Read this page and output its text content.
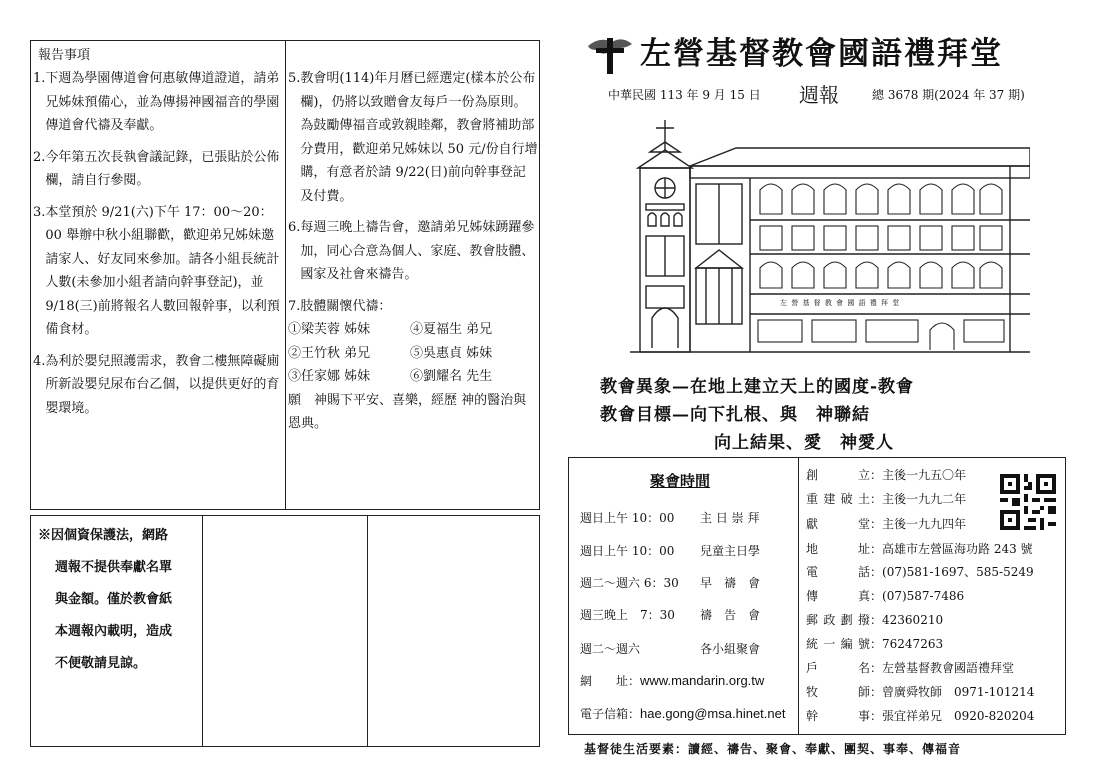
報告事項
1. 下週為學園傳道會何惠敏傳道證道，請弟兄姊妹預備心，並為傳揚神國福音的學園傳道會代禱及奉獻。
2. 今年第五次長執會議記錄，已張貼於公佈欄，請自行參閱。
3. 本堂預於 9/21(六)下午 17：00～20：00 舉辦中秋小組聯歡，歡迎弟兄姊妹邀請家人、好友同來參加。請各小組長統計人數(未參加小組者請向幹事登記)，並 9/18(三)前將報名人數回報幹事，以利預備食材。
4. 為利於嬰兒照護需求，教會二樓無障礙廁所新設嬰兒尿布台乙個，以提供更好的育嬰環境。
5. 教會明(114)年月曆已經選定(樣本於公布欄)，仍將以致贈會友每戶一份為原則。為鼓勵傳福音或敦親睦鄰，教會將補助部分費用，歡迎弟兄姊妹以 50 元/份自行增購，有意者於請 9/22(日)前向幹事登記及付費。
6. 每週三晚上禱告會，邀請弟兄姊妹踴躍參加，同心合意為個人、家庭、教會肢體、國家及社會來禱告。
7. 肢體關懷代禱：
①梁芙蓉 姊妹	④夏福生 弟兄
②王竹秋 弟兄	⑤吳惠貞 姊妹
③任家娜 姊妹	⑥劉耀名 先生
願　神賜下平安、喜樂，經歷 神的醫治與恩典。
※因個資保護法，網路
週報不提供奉獻名單
與金額。僅於教會紙
本週報內載明，造成
不便敬請見諒。
左營基督教會國語禮拜堂
中華民國 113 年 9 月 15 日 週報	總 3678 期(2024 年 37 期)
左 營 基 督 教 會 國 語 禮 拜 堂
教會異象—在地上建立天上的國度-教會
教會目標—向下扎根、與　神聯結
向上結果、愛　神愛人
聚會時間
週日上午 10：00 主 日 崇 拜
週日上午 10：00 兒童主日學
週二～週六 6：30 早　禱　會
週三晚上　7：30 禱　告　會
週二～週六	各小組聚會
網　　址：www.mandarin.org.tw
電子信箱：hae.gong@msa.hinet.net
創立：主後一九五〇年
重建破土：主後一九九二年
獻堂：主後一九九四年
地址：高雄市左營區海功路 243 號
電話：(07)581-1697、585-5249
傳真：(07)587-7486
郵政劃撥：42360210
統一編號：76247263
戶名：左營基督教會國語禮拜堂
牧師：曾廣舜牧師　0971-101214
幹事：張宜祥弟兄　0920-820204
基督徒生活要素：讀經、禱告、聚會、奉獻、團契、事奉、傳福音
